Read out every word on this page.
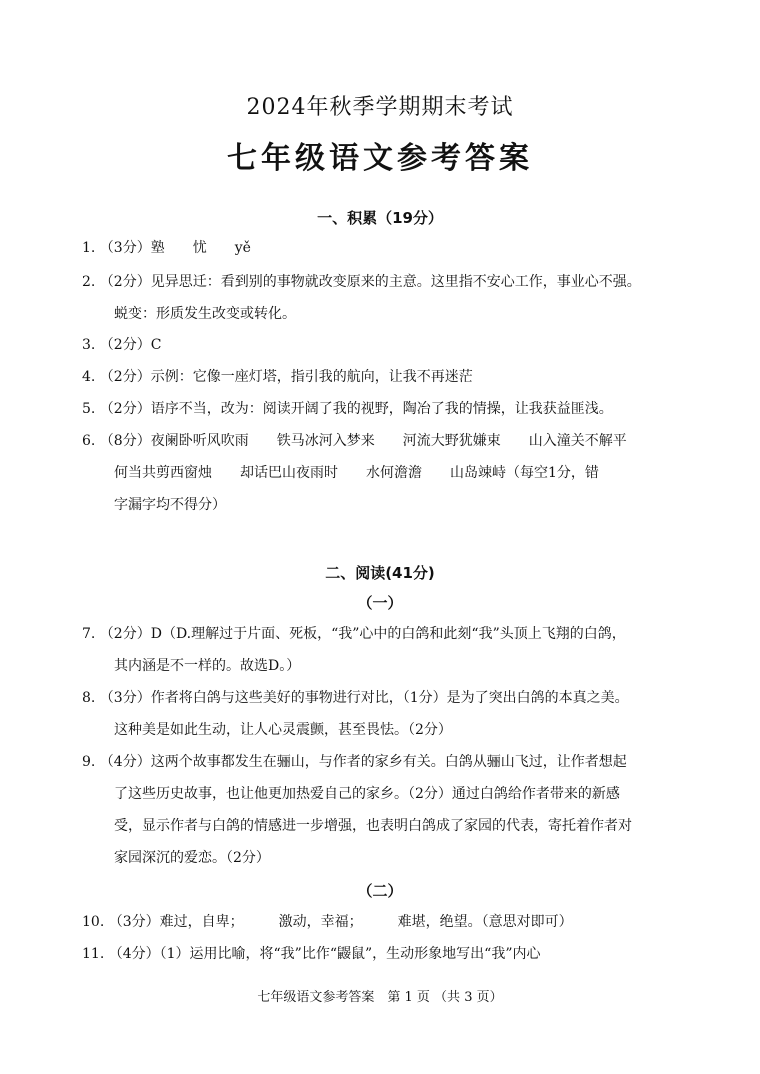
2024年秋季学期期末考试
七年级语文参考答案
一、积累（19分）
1. （3分）塾　　忧　　yě
2. （2分）见异思迁：看到别的事物就改变原来的主意。这里指不安心工作，事业心不强。
蜕变：形质发生改变或转化。
3. （2分）C
4. （2分）示例：它像一座灯塔，指引我的航向，让我不再迷茫
5. （2分）语序不当，改为：阅读开阔了我的视野，陶冶了我的情操，让我获益匪浅。
6. （8分）夜阑卧听风吹雨　　铁马冰河入梦来　　河流大野犹嫌束　　山入潼关不解平
何当共剪西窗烛　　却话巴山夜雨时　　水何澹澹　　山岛竦峙（每空1分，错
字漏字均不得分）
二、阅读(41分)
（一）
7. （2分）D（D.理解过于片面、死板，“我”心中的白鸽和此刻“我”头顶上飞翔的白鸽，
其内涵是不一样的。故选D。）
8. （3分）作者将白鸽与这些美好的事物进行对比，（1分）是为了突出白鸽的本真之美。
这种美是如此生动，让人心灵震颤，甚至畏怯。（2分）
9. （4分）这两个故事都发生在骊山，与作者的家乡有关。白鸽从骊山飞过，让作者想起
了这些历史故事，也让他更加热爱自己的家乡。（2分）通过白鸽给作者带来的新感
受，显示作者与白鸽的情感进一步增强，也表明白鸽成了家园的代表，寄托着作者对
家园深沉的爱恋。（2分）
（二）
10. （3分）难过，自卑；　　　激动，幸福；　　　难堪，绝望。（意思对即可）
11. （4分）（1）运用比喻，将“我”比作“鼹鼠”，生动形象地写出“我”内心
七年级语文参考答案　第 1 页 （共 3 页）
